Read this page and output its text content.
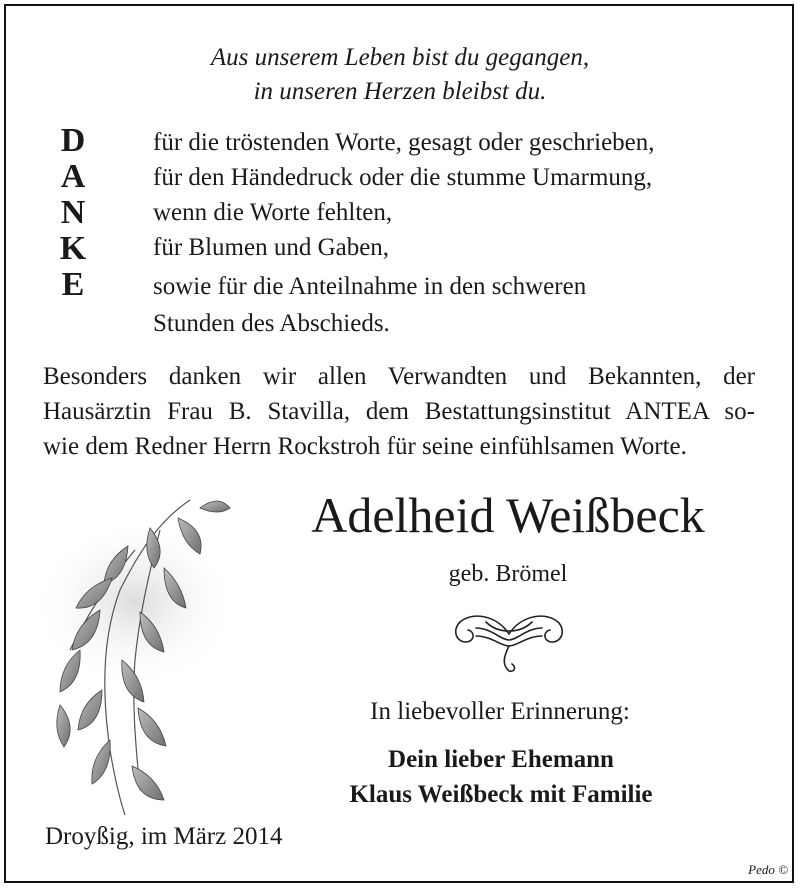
Aus unserem Leben bist du gegangen,
in unseren Herzen bleibst du.
D
A
N
K
E
für die tröstenden Worte, gesagt oder geschrieben,
für den Händedruck oder die stumme Umarmung,
wenn die Worte fehlten,
für Blumen und Gaben,
sowie für die Anteilnahme in den schweren
Stunden des Abschieds.
Besonders danken wir allen Verwandten und Bekannten, der
Hausärztin Frau B. Stavilla, dem Bestattungsinstitut ANTEA so-
wie dem Redner Herrn Rockstroh für seine einfühlsamen Worte.
Adelheid Weißbeck
geb. Brömel
In liebevoller Erinnerung:
Dein lieber Ehemann
Klaus Weißbeck mit Familie
Droyßig, im März 2014
Pedo ©
